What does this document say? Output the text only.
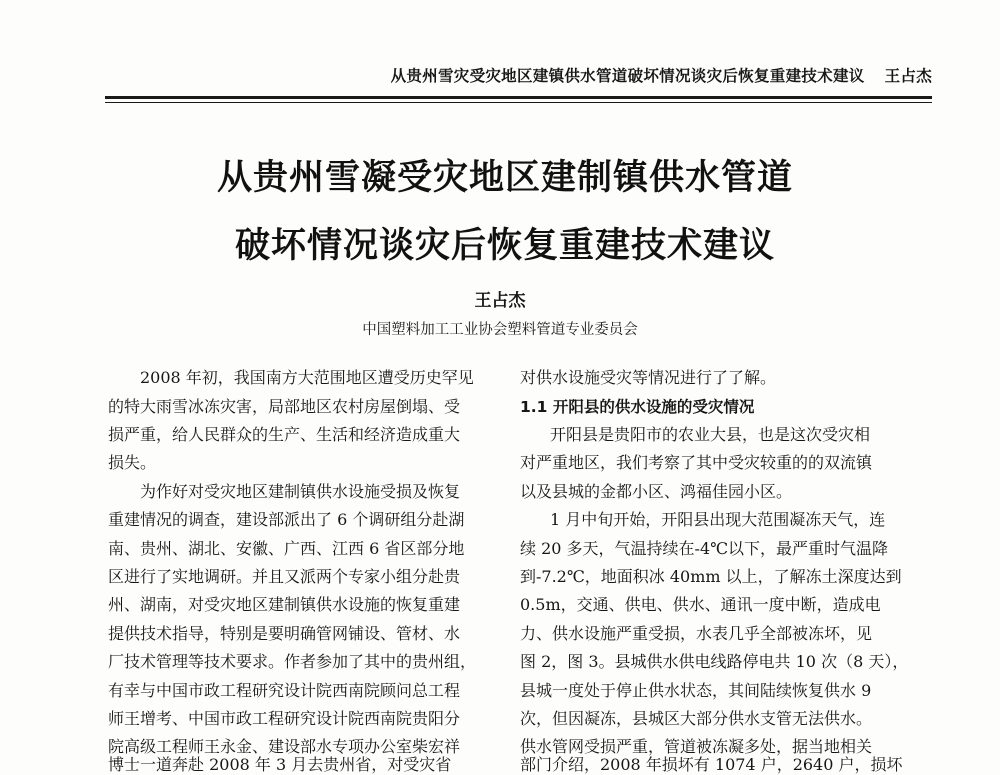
从贵州雪灾受灾地区建镇供水管道破坏情况谈灾后恢复重建技术建议 王占杰
从贵州雪凝受灾地区建制镇供水管道
破坏情况谈灾后恢复重建技术建议
王占杰
中国塑料加工工业协会塑料管道专业委员会
2008 年初，我国南方大范围地区遭受历史罕见
的特大雨雪冰冻灾害，局部地区农村房屋倒塌、受
损严重，给人民群众的生产、生活和经济造成重大
损失。
为作好对受灾地区建制镇供水设施受损及恢复
重建情况的调查，建设部派出了 6 个调研组分赴湖
南、贵州、湖北、安徽、广西、江西 6 省区部分地
区进行了实地调研。并且又派两个专家小组分赴贵
州、湖南，对受灾地区建制镇供水设施的恢复重建
提供技术指导，特别是要明确管网铺设、管材、水
厂技术管理等技术要求。作者参加了其中的贵州组，
有幸与中国市政工程研究设计院西南院顾问总工程
师王增考、中国市政工程研究设计院西南院贵阳分
院高级工程师王永金、建设部水专项办公室柴宏祥
博士一道奔赴 2008 年 3 月去贵州省，对受灾省
对供水设施受灾等情况进行了了解。
1.1 开阳县的供水设施的受灾情况
开阳县是贵阳市的农业大县，也是这次受灾相
对严重地区，我们考察了其中受灾较重的的双流镇
以及县城的金都小区、鸿福佳园小区。
1 月中旬开始，开阳县出现大范围凝冻天气，连
续 20 多天，气温持续在-4℃以下，最严重时气温降
到-7.2℃，地面积冰 40mm 以上，了解冻土深度达到
0.5m，交通、供电、供水、通讯一度中断，造成电
力、供水设施严重受损，水表几乎全部被冻坏，见
图 2，图 3。县城供水供电线路停电共 10 次（8 天），
县城一度处于停止供水状态，其间陆续恢复供水 9
次，但因凝冻，县城区大部分供水支管无法供水。
供水管网受损严重，管道被冻凝多处，据当地相关
部门介绍，2008 年损坏有 1074 户，2640 户，损坏
